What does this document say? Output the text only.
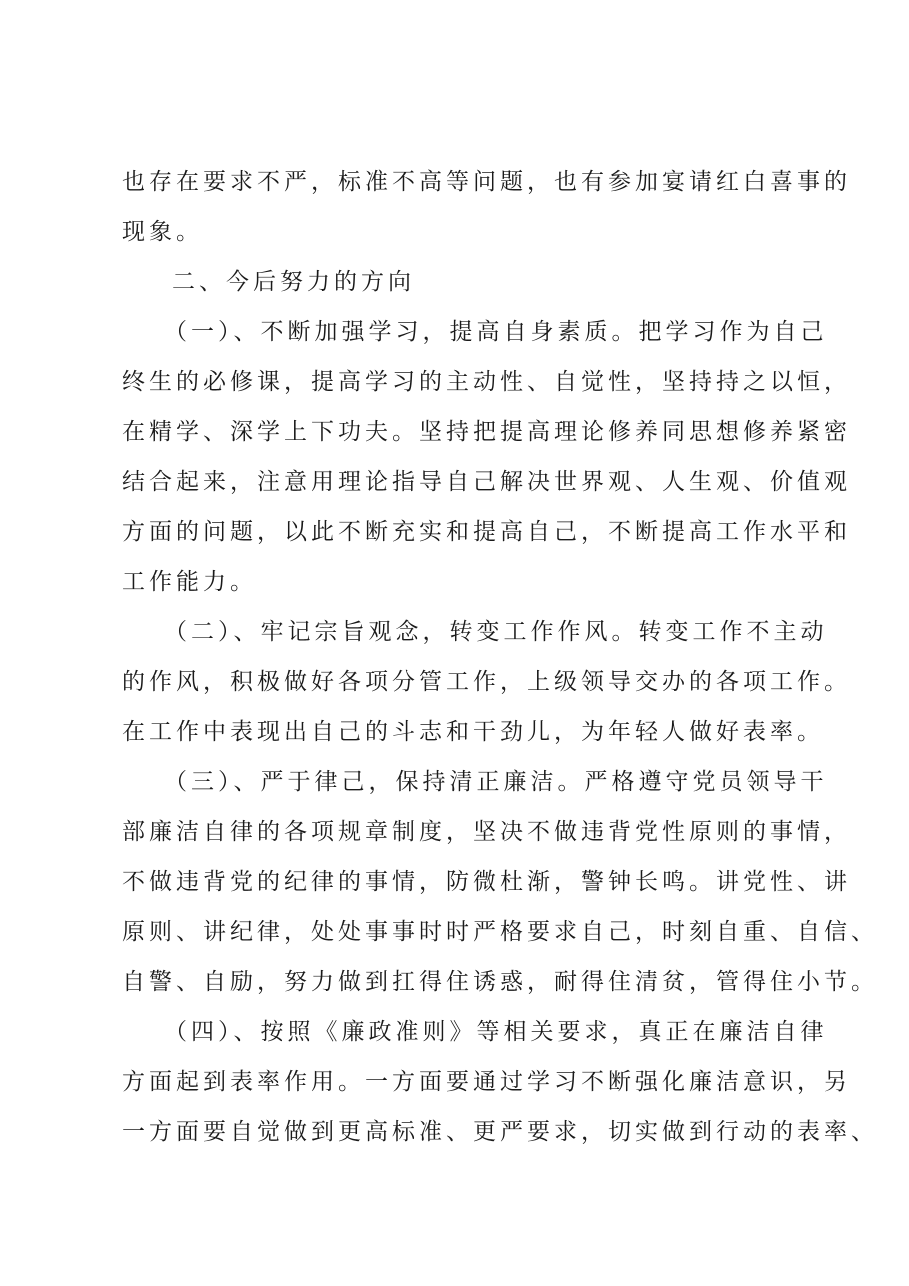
也存在要求不严，标准不高等问题，也有参加宴请红白喜事的
现象。
二、今后努力的方向
（一）、不断加强学习，提高自身素质。把学习作为自己
终生的必修课，提高学习的主动性、自觉性，坚持持之以恒，
在精学、深学上下功夫。坚持把提高理论修养同思想修养紧密
结合起来，注意用理论指导自己解决世界观、人生观、价值观
方面的问题，以此不断充实和提高自己，不断提高工作水平和
工作能力。
（二）、牢记宗旨观念，转变工作作风。转变工作不主动
的作风，积极做好各项分管工作，上级领导交办的各项工作。
在工作中表现出自己的斗志和干劲儿，为年轻人做好表率。
（三）、严于律己，保持清正廉洁。严格遵守党员领导干
部廉洁自律的各项规章制度，坚决不做违背党性原则的事情，
不做违背党的纪律的事情，防微杜渐，警钟长鸣。讲党性、讲
原则、讲纪律，处处事事时时严格要求自己，时刻自重、自信、
自警、自励，努力做到扛得住诱惑，耐得住清贫，管得住小节。
（四）、按照《廉政准则》等相关要求，真正在廉洁自律
方面起到表率作用。一方面要通过学习不断强化廉洁意识，另
一方面要自觉做到更高标准、更严要求，切实做到行动的表率、
